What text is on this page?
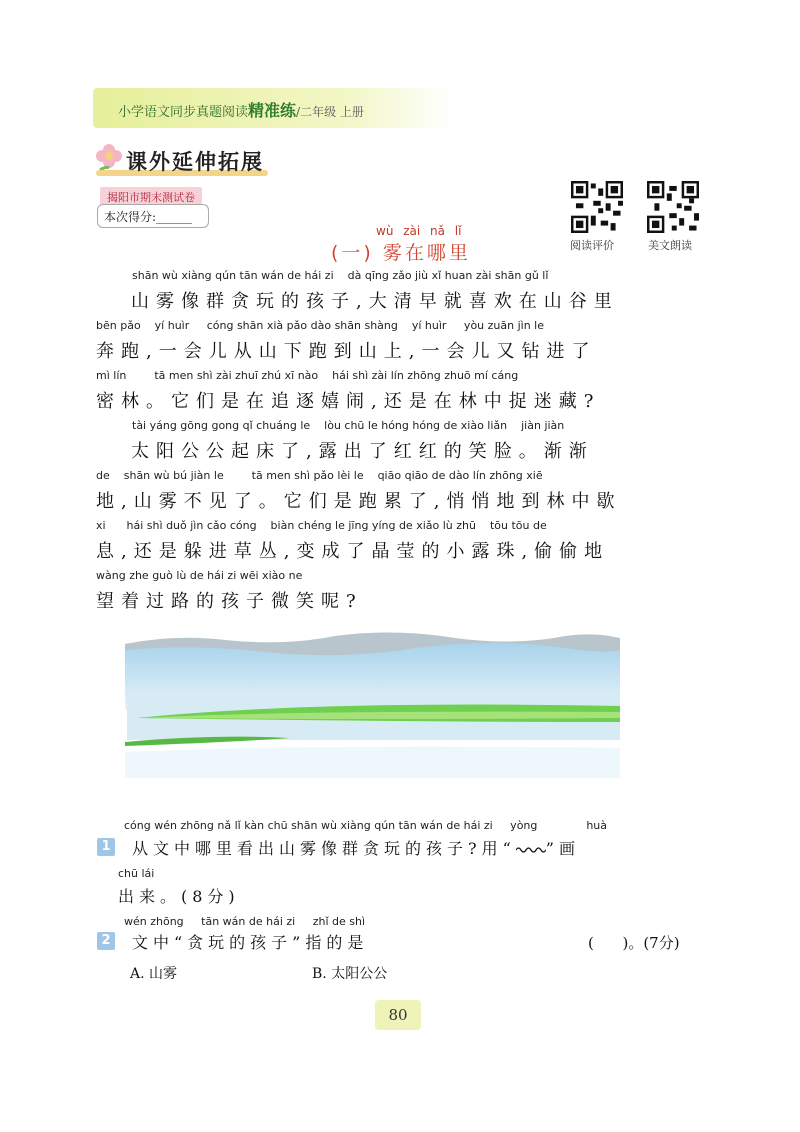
小学语文同步真题阅读精准练/二年级 上册
课外延伸拓展
揭阳市期末测试卷
本次得分:______
阅读评价	美文朗读
wù zài nǎ lǐ
(一) 雾在哪里
shān wù xiàng qún tān wán de hái zi    dà qīng zǎo jiù xǐ huan zài shān gǔ lǐ
山雾像群贪玩的孩子,大清早就喜欢在山谷里
bēn pǎo    yí huìr     cóng shān xià pǎo dào shān shàng    yí huìr     yòu zuān jìn le
奔跑,一会儿从山下跑到山上,一会儿又钻进了
mì lín        tā men shì zài zhuī zhú xī nào    hái shì zài lín zhōng zhuō mí cáng
密林。它们是在追逐嬉闹,还是在林中捉迷藏?
tài yáng gōng gong qǐ chuáng le    lòu chū le hóng hóng de xiào liǎn    jiàn jiàn
太阳公公起床了,露出了红红的笑脸。渐渐
de    shān wù bú jiàn le        tā men shì pǎo lèi le    qiāo qiāo de dào lín zhōng xiē
地,山雾不见了。它们是跑累了,悄悄地到林中歇
xi      hái shì duǒ jìn cǎo cóng    biàn chéng le jīng yíng de xiǎo lù zhū    tōu tōu de
息,还是躲进草丛,变成了晶莹的小露珠,偷偷地
wàng zhe guò lù de hái zi wēi xiào ne
望着过路的孩子微笑呢?
cóng wén zhōng nǎ lǐ kàn chū shān wù xiàng qún tān wán de hái zi     yòng              huà
1 从文中哪里看出山雾像群贪玩的孩子?用“ ”画
chū lái
出来。(8分)
wén zhōng     tān wán de hái zi     zhǐ de shì
2 文中“贪玩的孩子”指的是	(      )。(7分)
A. 山雾	B. 太阳公公
80
